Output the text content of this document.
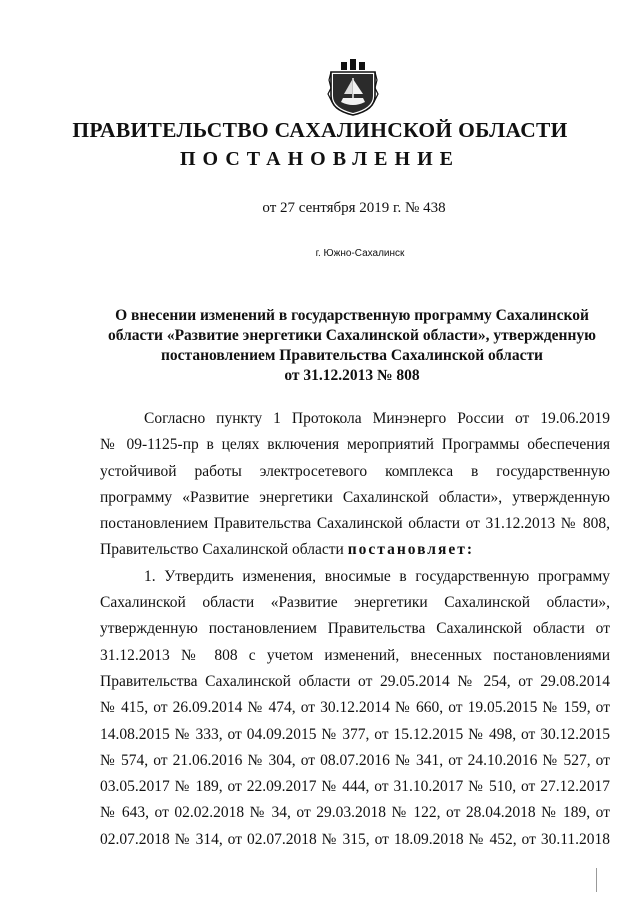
ПРАВИТЕЛЬСТВО САХАЛИНСКОЙ ОБЛАСТИ
ПОСТАНОВЛЕНИЕ

от 27 сентября 2019 г. № 438

г. Южно-Сахалинск

О внесении изменений в государственную программу Сахалинской
области «Развитие энергетики Сахалинской области», утвержденную
постановлением Правительства Сахалинской области
от 31.12.2013 № 808
Согласно пункту 1 Протокола Минэнерго России от 19.06.2019
№ 09-1125-пр в целях включения мероприятий Программы обеспечения
устойчивой работы электросетевого комплекса в государственную
программу «Развитие энергетики Сахалинской области», утвержденную
постановлением Правительства Сахалинской области от 31.12.2013 № 808,
Правительство Сахалинской области постановляет:
1. Утвердить изменения, вносимые в государственную программу
Сахалинской области «Развитие энергетики Сахалинской области»,
утвержденную постановлением Правительства Сахалинской области от
31.12.2013 № 808 с учетом изменений, внесенных постановлениями
Правительства Сахалинской области от 29.05.2014 № 254, от 29.08.2014
№ 415, от 26.09.2014 № 474, от 30.12.2014 № 660, от 19.05.2015 № 159, от
14.08.2015 № 333, от 04.09.2015 № 377, от 15.12.2015 № 498, от 30.12.2015
№ 574, от 21.06.2016 № 304, от 08.07.2016 № 341, от 24.10.2016 № 527, от
03.05.2017 № 189, от 22.09.2017 № 444, от 31.10.2017 № 510, от 27.12.2017
№ 643, от 02.02.2018 № 34, от 29.03.2018 № 122, от 28.04.2018 № 189, от
02.07.2018 № 314, от 02.07.2018 № 315, от 18.09.2018 № 452, от 30.11.2018
